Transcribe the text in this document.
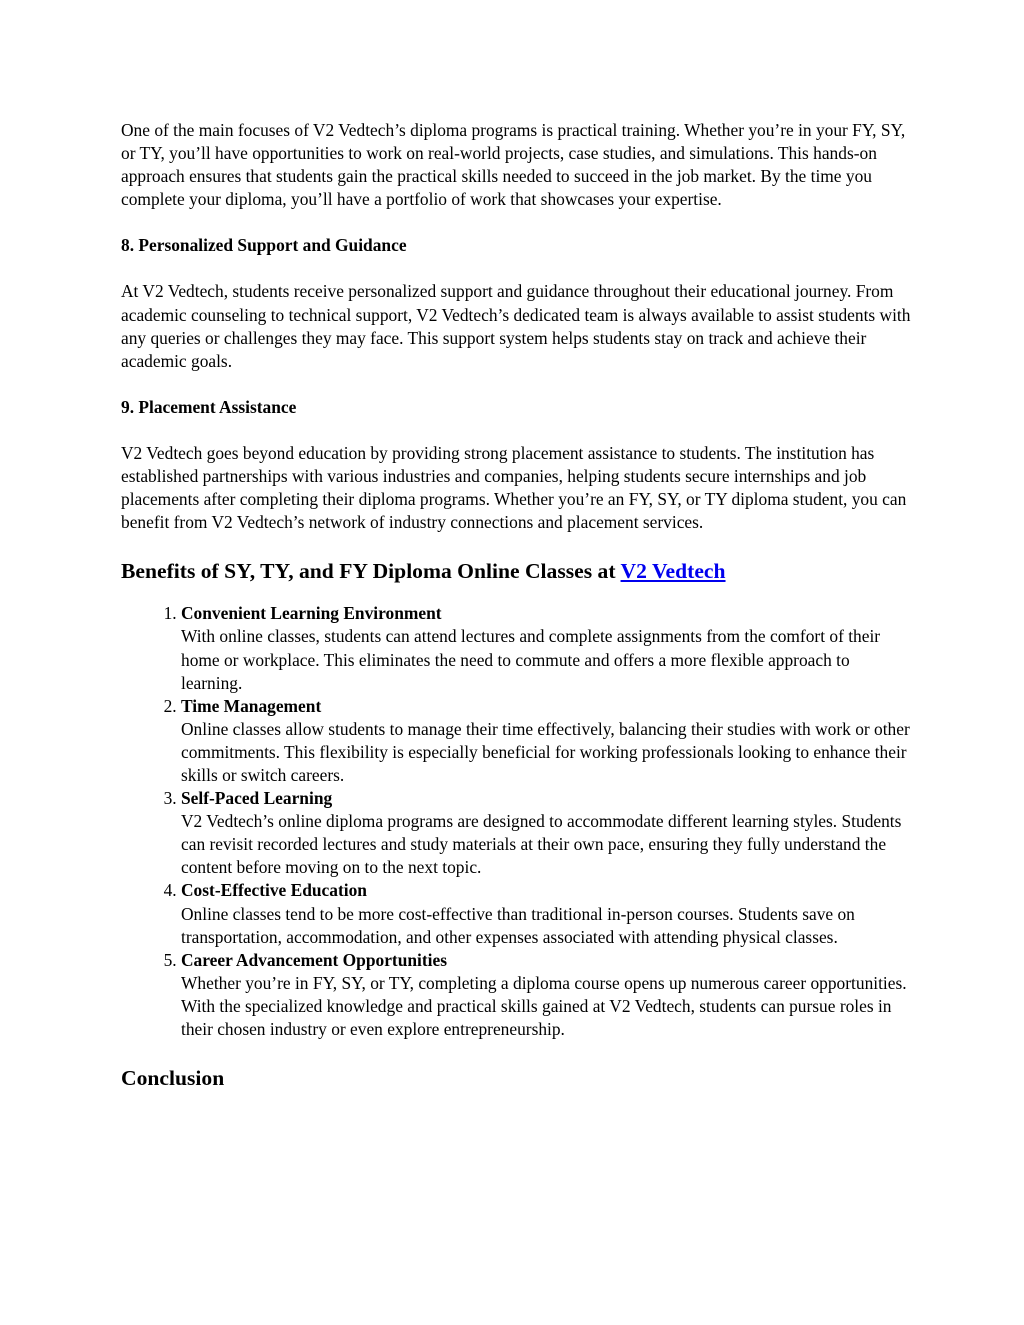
One of the main focuses of V2 Vedtech’s diploma programs is practical training. Whether you’re in your FY, SY, or TY, you’ll have opportunities to work on real-world projects, case studies, and simulations. This hands-on approach ensures that students gain the practical skills needed to succeed in the job market. By the time you complete your diploma, you’ll have a portfolio of work that showcases your expertise.

8. Personalized Support and Guidance

At V2 Vedtech, students receive personalized support and guidance throughout their educational journey. From academic counseling to technical support, V2 Vedtech’s dedicated team is always available to assist students with any queries or challenges they may face. This support system helps students stay on track and achieve their academic goals.

9. Placement Assistance

V2 Vedtech goes beyond education by providing strong placement assistance to students. The institution has established partnerships with various industries and companies, helping students secure internships and job placements after completing their diploma programs. Whether you’re an FY, SY, or TY diploma student, you can benefit from V2 Vedtech’s network of industry connections and placement services.

Benefits of SY, TY, and FY Diploma Online Classes at V2 Vedtech
1. Convenient Learning Environment
With online classes, students can attend lectures and complete assignments from the comfort of their home or workplace. This eliminates the need to commute and offers a more flexible approach to learning.
2. Time Management
Online classes allow students to manage their time effectively, balancing their studies with work or other commitments. This flexibility is especially beneficial for working professionals looking to enhance their skills or switch careers.
3. Self-Paced Learning
V2 Vedtech’s online diploma programs are designed to accommodate different learning styles. Students can revisit recorded lectures and study materials at their own pace, ensuring they fully understand the content before moving on to the next topic.
4. Cost-Effective Education
Online classes tend to be more cost-effective than traditional in-person courses. Students save on transportation, accommodation, and other expenses associated with attending physical classes.
5. Career Advancement Opportunities
Whether you’re in FY, SY, or TY, completing a diploma course opens up numerous career opportunities. With the specialized knowledge and practical skills gained at V2 Vedtech, students can pursue roles in their chosen industry or even explore entrepreneurship.
Conclusion
